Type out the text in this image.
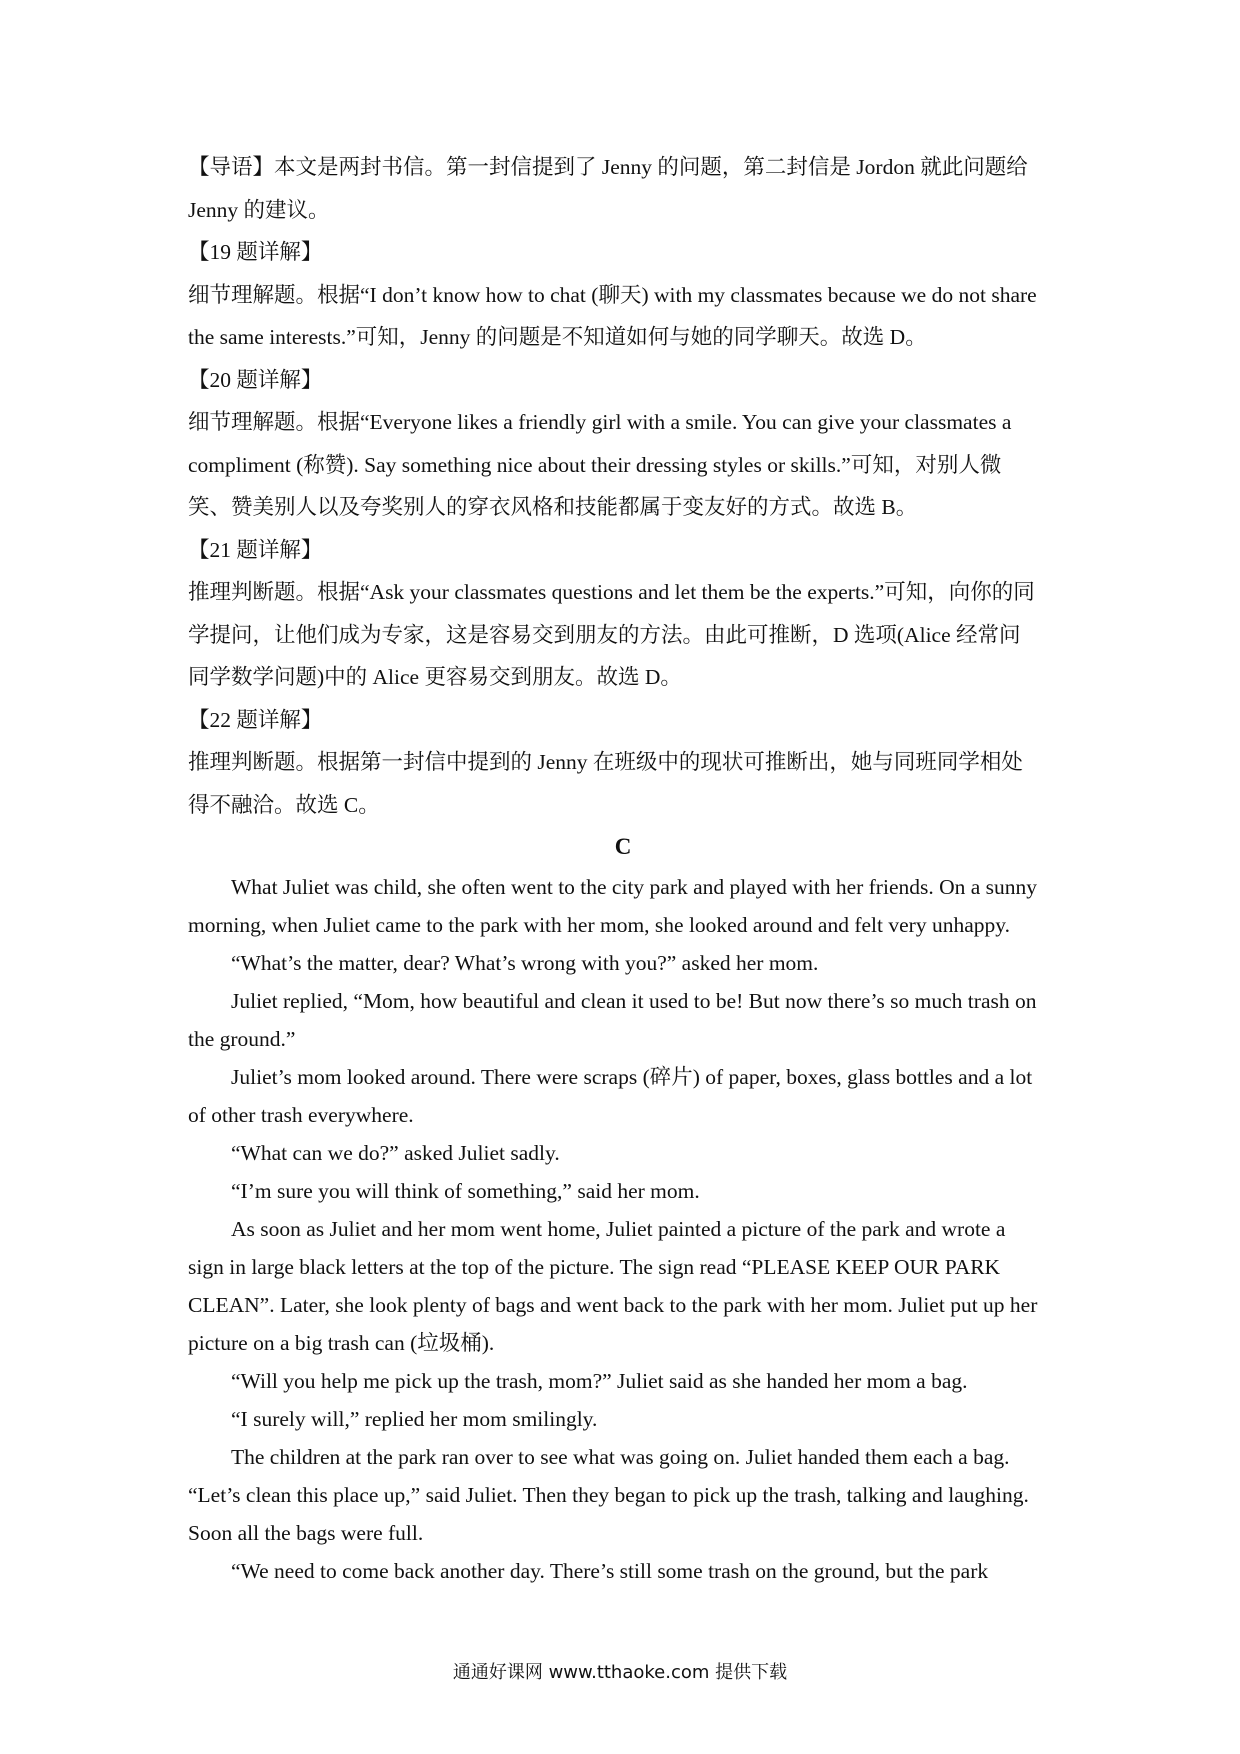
【导语】本文是两封书信。第一封信提到了 Jenny 的问题，第二封信是 Jordon 就此问题给

Jenny 的建议。

【19 题详解】

细节理解题。根据“I don’t know how to chat (聊天) with my classmates because we do not share

the same interests.”可知，Jenny 的问题是不知道如何与她的同学聊天。故选 D。

【20 题详解】

细节理解题。根据“Everyone likes a friendly girl with a smile. You can give your classmates a

compliment (称赞). Say something nice about their dressing styles or skills.”可知，对别人微

笑、赞美别人以及夸奖别人的穿衣风格和技能都属于变友好的方式。故选 B。

【21 题详解】

推理判断题。根据“Ask your classmates questions and let them be the experts.”可知，向你的同

学提问，让他们成为专家，这是容易交到朋友的方法。由此可推断，D 选项(Alice 经常问

同学数学问题)中的 Alice 更容易交到朋友。故选 D。

【22 题详解】

推理判断题。根据第一封信中提到的 Jenny 在班级中的现状可推断出，她与同班同学相处

得不融洽。故选 C。

C

What Juliet was child, she often went to the city park and played with her friends. On a sunny

morning, when Juliet came to the park with her mom, she looked around and felt very unhappy.

“What’s the matter, dear? What’s wrong with you?” asked her mom.

Juliet replied, “Mom, how beautiful and clean it used to be! But now there’s so much trash on

the ground.”

Juliet’s mom looked around. There were scraps (碎片) of paper, boxes, glass bottles and a lot

of other trash everywhere.

“What can we do?” asked Juliet sadly.

“I’m sure you will think of something,” said her mom.

As soon as Juliet and her mom went home, Juliet painted a picture of the park and wrote a

sign in large black letters at the top of the picture. The sign read “PLEASE KEEP OUR PARK

CLEAN”. Later, she look plenty of bags and went back to the park with her mom. Juliet put up her

picture on a big trash can (垃圾桶).

“Will you help me pick up the trash, mom?” Juliet said as she handed her mom a bag.

“I surely will,” replied her mom smilingly.

The children at the park ran over to see what was going on. Juliet handed them each a bag.

“Let’s clean this place up,” said Juliet. Then they began to pick up the trash, talking and laughing.

Soon all the bags were full.

“We need to come back another day. There’s still some trash on the ground, but the park

通通好课网 www.tthaoke.com 提供下载
